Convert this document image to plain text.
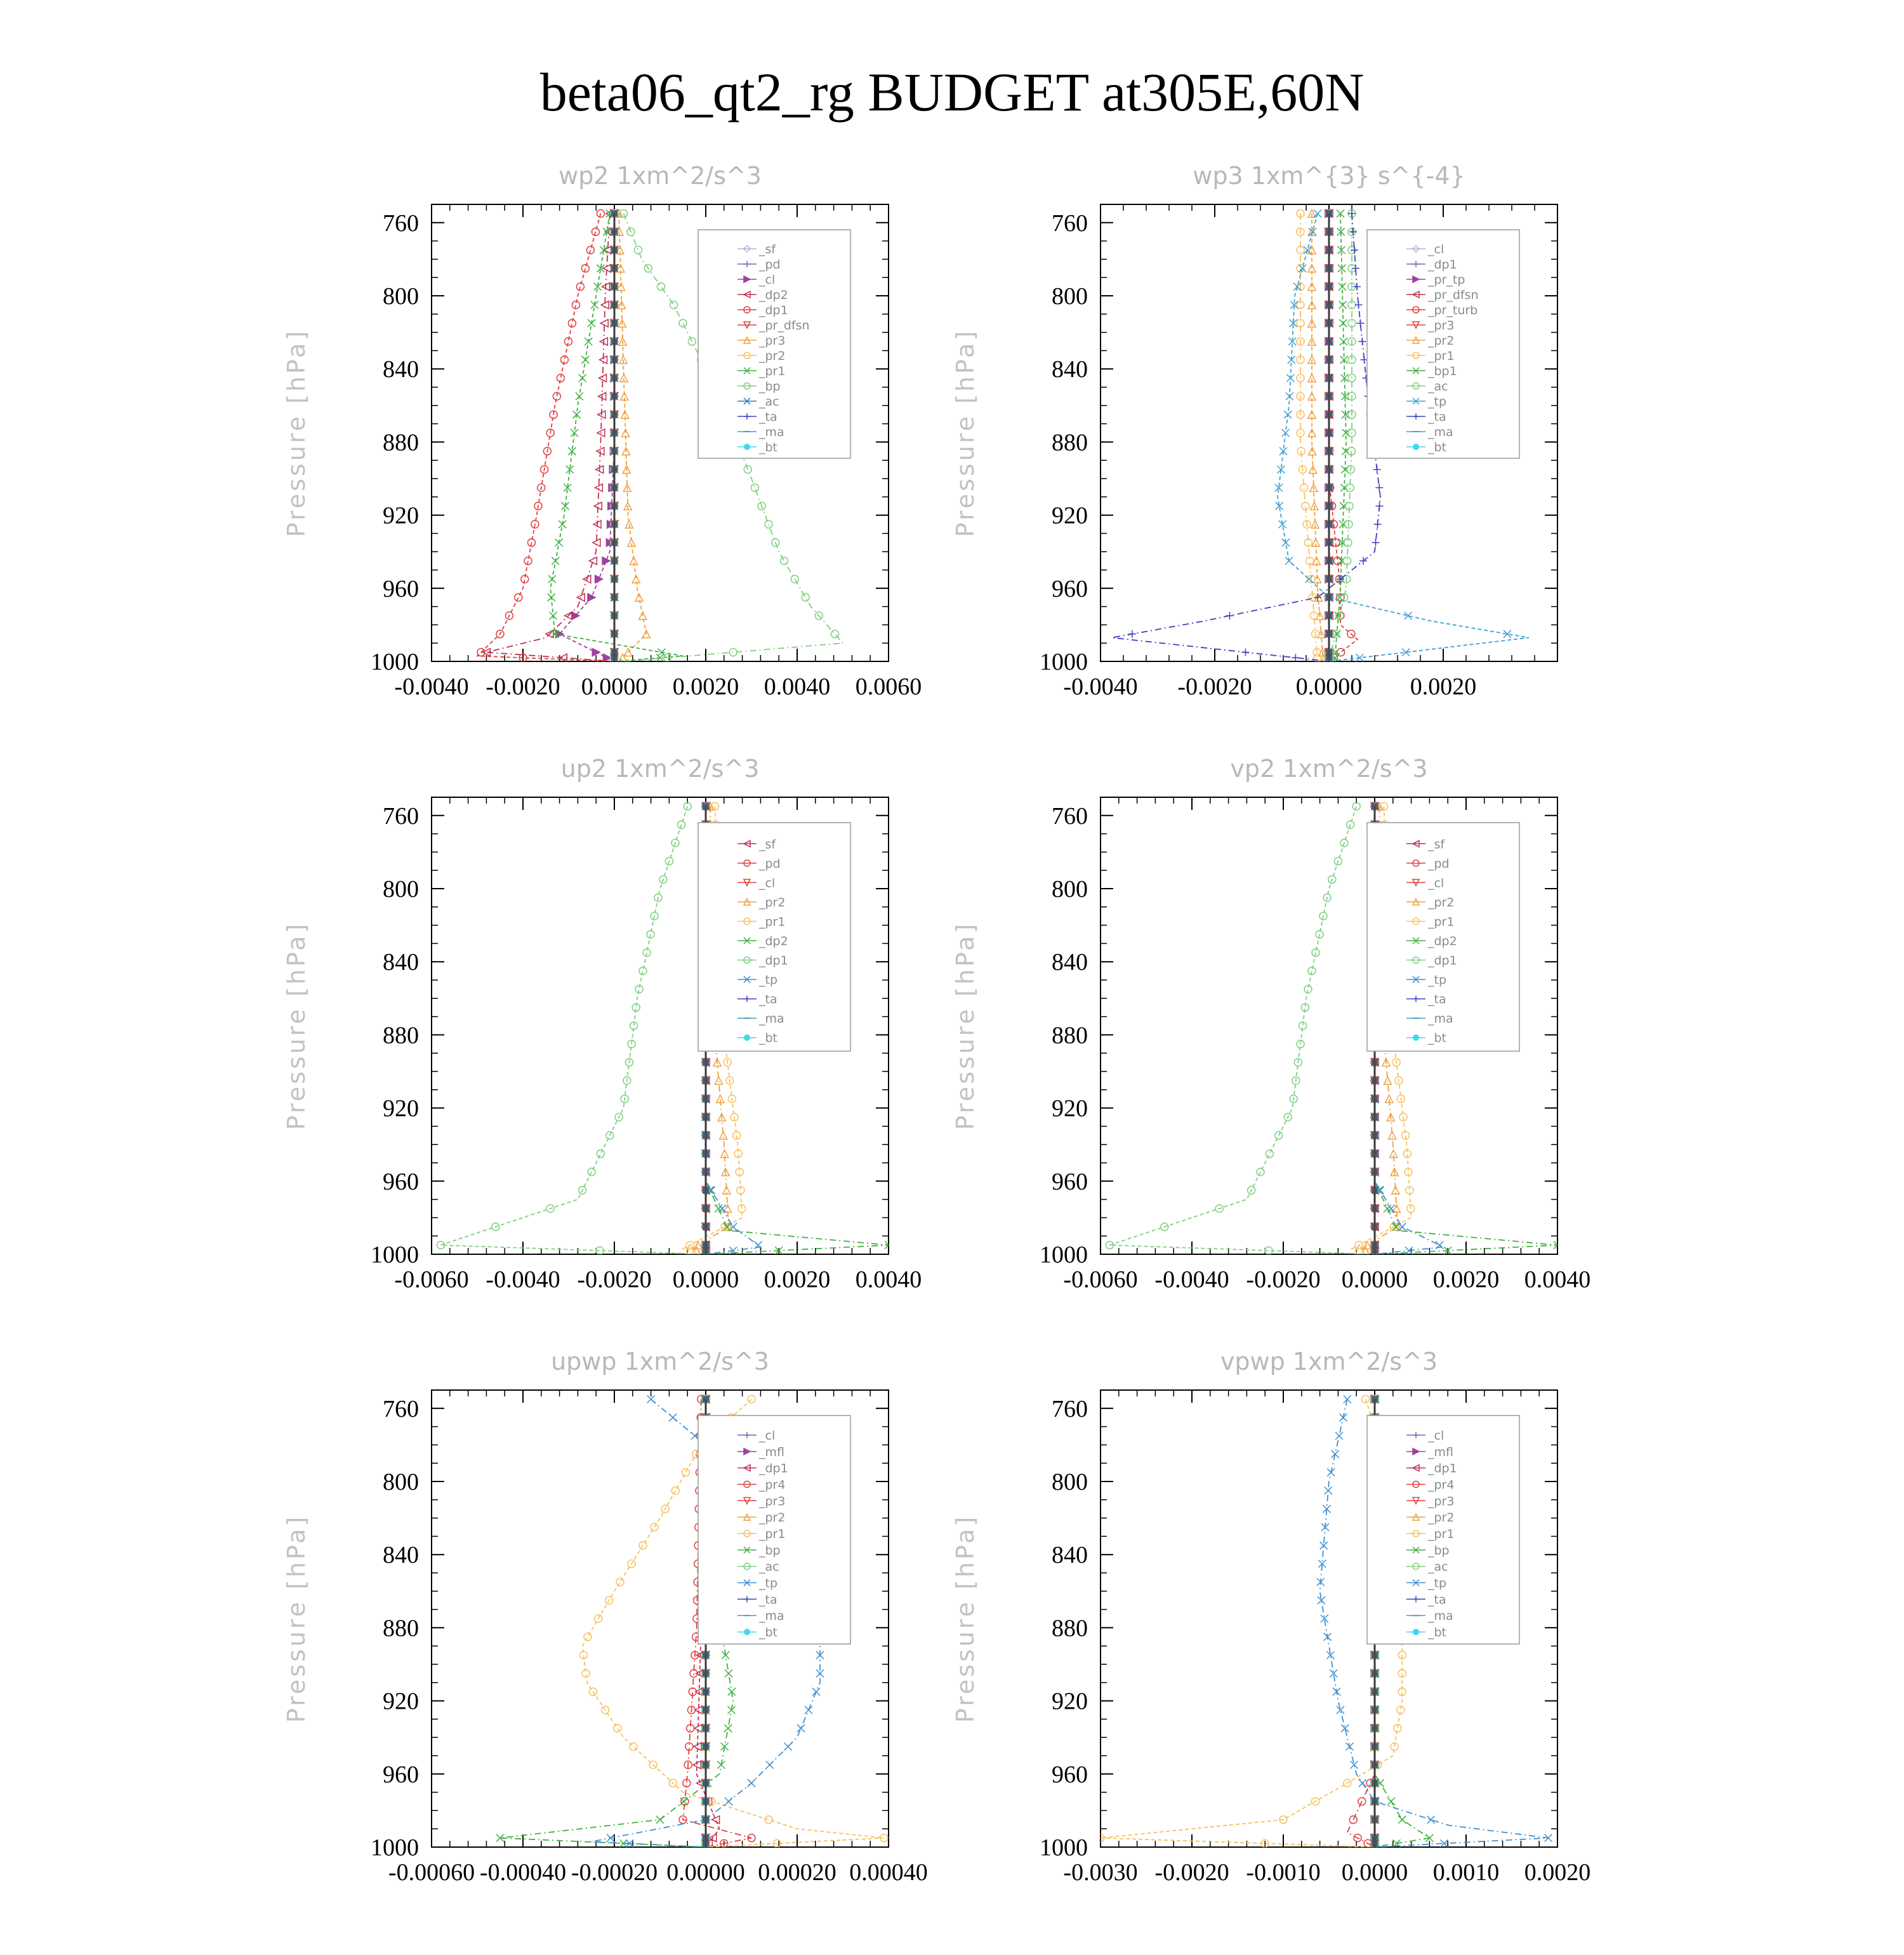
beta06_qt2_rg BUDGET at305E,60N
wp2 1xm^2/s^3
Pressure [hPa]
760
800
840
880
920
960
1000
-0.0040 -0.0020 0.0000 0.0020 0.0040 0.0060
_sf
_pd
_cl
_dp2
_dp1
_pr_dfsn
_pr3
_pr2
_pr1
_bp
_ac
_ta
_ma
_bt
wp3 1xm^{3} s^{-4}
Pressure [hPa]
760
800
840
880
920
960
1000
-0.0040 -0.0020 0.0000 0.0020
_cl
_dp1
_pr_tp
_pr_dfsn
_pr_turb
_pr3
_pr2
_pr1
_bp1
_ac
_tp
_ta
_ma
_bt
up2 1xm^2/s^3
Pressure [hPa]
760
800
840
880
920
960
1000
-0.0060 -0.0040 -0.0020 0.0000 0.0020 0.0040
_sf
_pd
_cl
_pr2
_pr1
_dp2
_dp1
_tp
_ta
_ma
_bt
vp2 1xm^2/s^3
Pressure [hPa]
760
800
840
880
920
960
1000
-0.0060 -0.0040 -0.0020 0.0000 0.0020 0.0040
_sf
_pd
_cl
_pr2
_pr1
_dp2
_dp1
_tp
_ta
_ma
_bt
upwp 1xm^2/s^3
Pressure [hPa]
760
800
840
880
920
960
1000
-0.00060 -0.00040 -0.00020 0.00000 0.00020 0.00040
_cl
_mfl
_dp1
_pr4
_pr3
_pr2
_pr1
_bp
_ac
_tp
_ta
_ma
_bt
vpwp 1xm^2/s^3
Pressure [hPa]
760
800
840
880
920
960
1000
-0.0030 -0.0020 -0.0010 0.0000 0.0010 0.0020
_cl
_mfl
_dp1
_pr4
_pr3
_pr2
_pr1
_bp
_ac
_tp
_ta
_ma
_bt
